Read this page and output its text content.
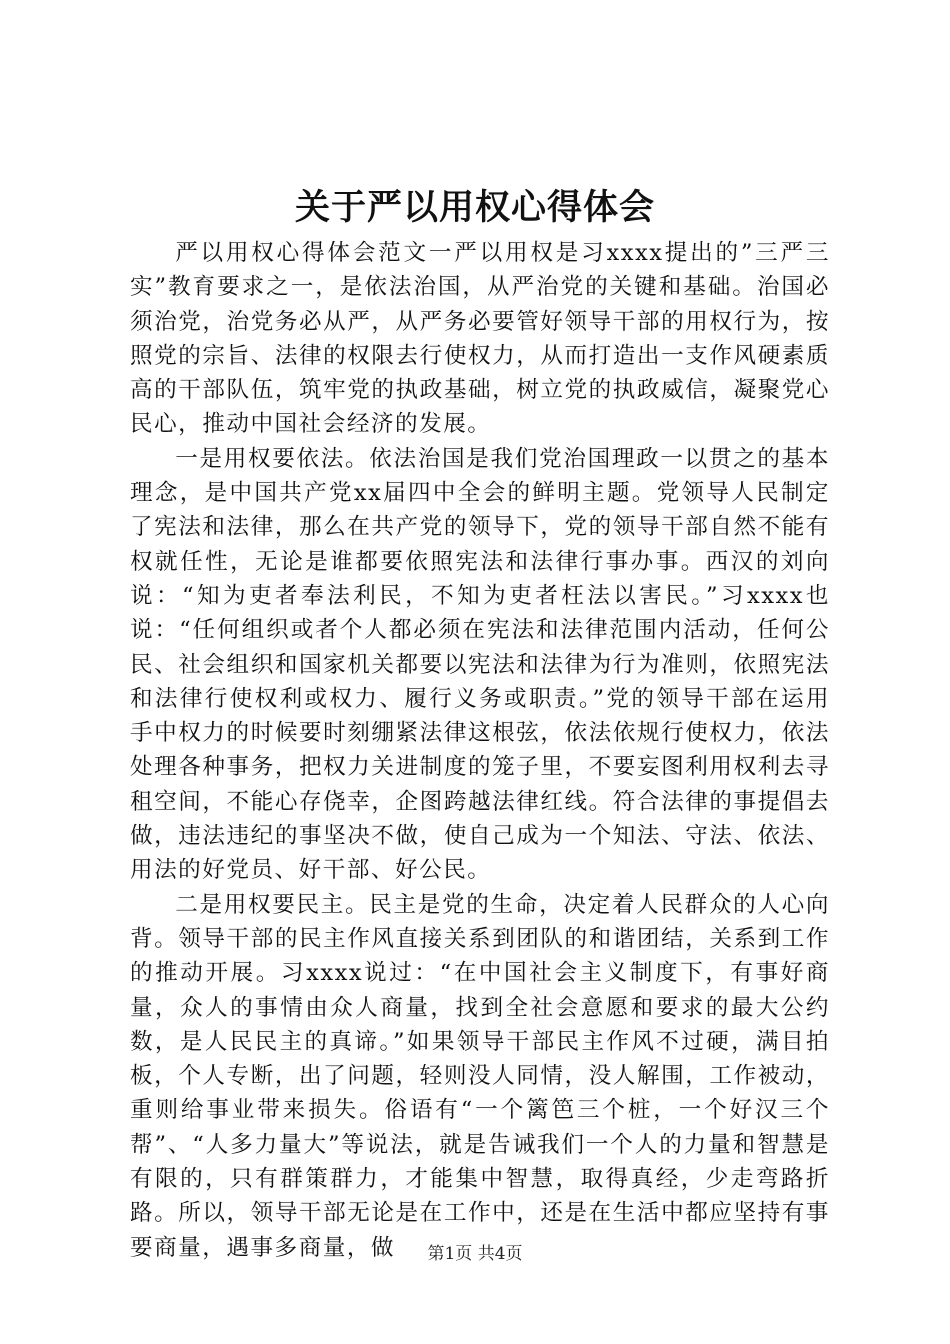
关于严以用权心得体会

严以用权心得体会范文一严以用权是习xxxx提出的”三严三实”教育要求之一，是依法治国，从严治党的关键和基础。治国必须治党，治党务必从严，从严务必要管好领导干部的用权行为，按照党的宗旨、法律的权限去行使权力，从而打造出一支作风硬素质高的干部队伍，筑牢党的执政基础，树立党的执政威信，凝聚党心民心，推动中国社会经济的发展。

一是用权要依法。依法治国是我们党治国理政一以贯之的基本理念，是中国共产党xx届四中全会的鲜明主题。党领导人民制定了宪法和法律，那么在共产党的领导下，党的领导干部自然不能有权就任性，无论是谁都要依照宪法和法律行事办事。西汉的刘向说：“知为吏者奉法利民，不知为吏者枉法以害民。”习xxxx也说：“任何组织或者个人都必须在宪法和法律范围内活动，任何公民、社会组织和国家机关都要以宪法和法律为行为准则，依照宪法和法律行使权利或权力、履行义务或职责。”党的领导干部在运用手中权力的时候要时刻绷紧法律这根弦，依法依规行使权力，依法处理各种事务，把权力关进制度的笼子里，不要妄图利用权利去寻租空间，不能心存侥幸，企图跨越法律红线。符合法律的事提倡去做，违法违纪的事坚决不做，使自己成为一个知法、守法、依法、用法的好党员、好干部、好公民。

二是用权要民主。民主是党的生命，决定着人民群众的人心向背。领导干部的民主作风直接关系到团队的和谐团结，关系到工作的推动开展。习xxxx说过：“在中国社会主义制度下，有事好商量，众人的事情由众人商量，找到全社会意愿和要求的最大公约数，是人民民主的真谛。”如果领导干部民主作风不过硬，满目拍板，个人专断，出了问题，轻则没人同情，没人解围，工作被动，重则给事业带来损失。俗语有“一个篱笆三个桩，一个好汉三个帮”、“人多力量大”等说法，就是告诫我们一个人的力量和智慧是有限的，只有群策群力，才能集中智慧，取得真经，少走弯路折路。所以，领导干部无论是在工作中，还是在生活中都应坚持有事要商量，遇事多商量，做	第1页 共4页
